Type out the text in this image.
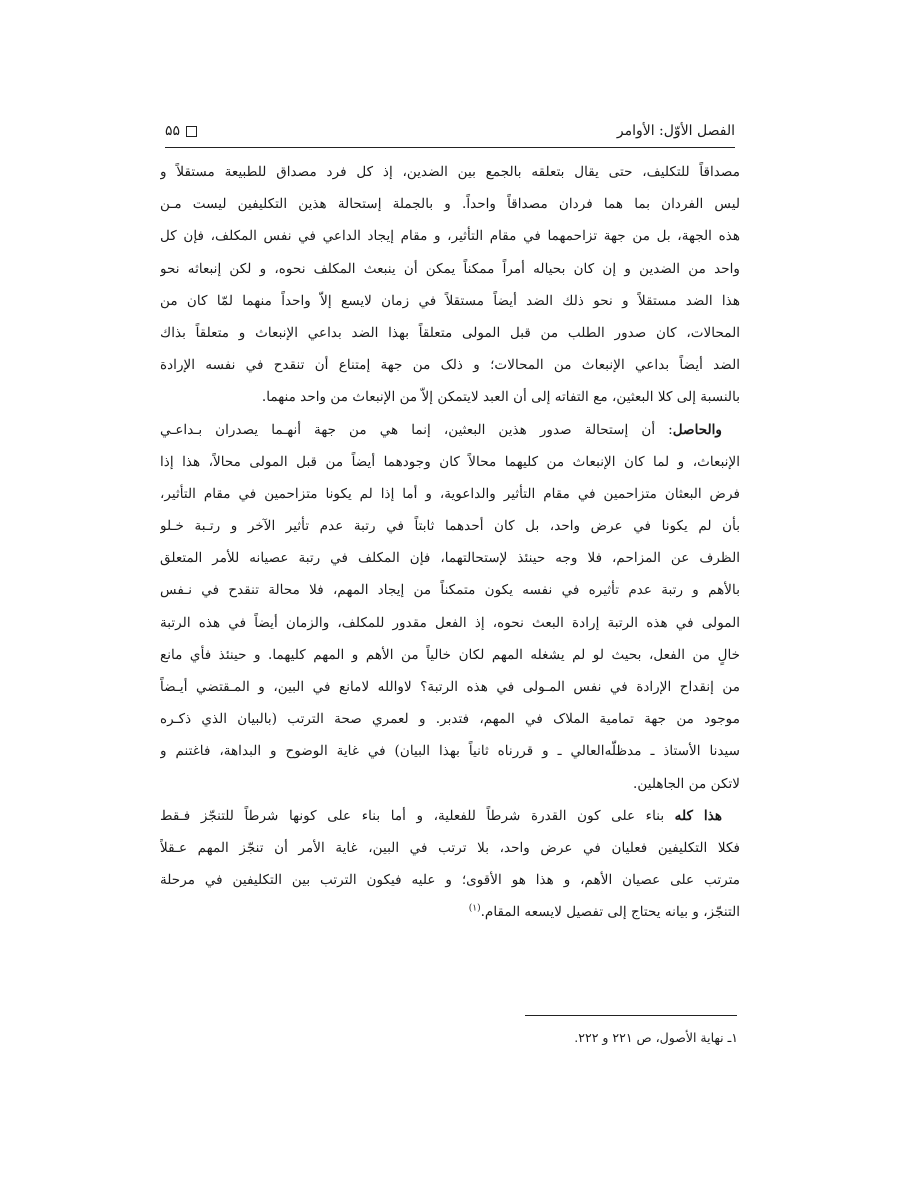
الفصل الأوّل: الأوامر
۵۵
مصداقاً للتكليف، حتى يقال بتعلقه بالجمع بين الضدين، إذ كل فرد مصداق للطبيعة مستقلاً و
ليس الفردان بما هما فردان مصداقاً واحداً. و بالجملة إستحالة هذين التكليفين ليست مـن
هذه الجهة، بل من جهة تزاحمهما في مقام التأثير، و مقام إيجاد الداعي في نفس المكلف، فإن كل
واحد من الضدين و إن كان بحياله أمراً ممكناً يمكن أن ينبعث المكلف نحوه، و لكن إنبعاثه نحو
هذا الضد مستقلاً و نحو ذلك الضد أيضاً مستقلاً في زمان لايسع إلاّ واحداً منهما لمّا كان من
المحالات، كان صدور الطلب من قبل المولى متعلقاً بهذا الضد بداعي الإنبعاث و متعلقاً بذاك
الضد أيضاً بداعي الإنبعاث من المحالات؛ و ذلک من جهة إمتناع أن تنقدح في نفسه الإرادة
بالنسبة إلى كلا البعثين، مع التفاته إلى أن العبد لايتمكن إلاّ من الإنبعاث من واحد منهما.
والحاصل: أن إستحالة صدور هذين البعثين، إنما هي من جهة أنهـما يصدران بـداعـي
الإنبعاث، و لما كان الإنبعاث من كليهما محالاً كان وجودهما أيضاً من قبل المولى محالاً، هذا إذا
فرض البعثان متزاحمين في مقام التأثير والداعوية، و أما إذا لم يكونا متزاحمين في مقام التأثير،
بأن لم يكونا في عرض واحد، بل كان أحدهما ثابتاً في رتبة عدم تأثير الآخر و رتـبة خـلو
الظرف عن المزاحم، فلا وجه حينئذ لإستحالتهما، فإن المكلف في رتبة عصيانه للأمر المتعلق
بالأهم و رتبة عدم تأثيره في نفسه يكون متمكناً من إيجاد المهم، فلا محالة تنقدح في نـفس
المولى في هذه الرتبة إرادة البعث نحوه، إذ الفعل مقدور للمكلف، والزمان أيضاً في هذه الرتبة
خالٍ من الفعل، بحيث لو لم يشغله المهم لكان خالياً من الأهم و المهم كليهما. و حينئذ فأي مانع
من إنقداح الإرادة في نفس المـولى في هذه الرتبة؟ لاوالله لامانع في البين، و المـقتضي أيـضاً
موجود من جهة تمامية الملاک في المهم، فتدبر. و لعمري صحة الترتب (بالبيان الذي ذكـره
سيدنا الأستاذ ـ مدظلّه‌العالي ـ و قررناه ثانياً بهذا البيان) في غاية الوضوح و البداهة، فاغتنم و
لاتكن من الجاهلين.
هذا كله بناء على كون القدرة شرطاً للفعلية، و أما بناء على كونها شرطاً للتنجّز فـقط
فكلا التكليفين فعليان في عرض واحد، بلا ترتب في البين، غاية الأمر أن تنجّز المهم عـقلاً
مترتب على عصيان الأهم، و هذا هو الأقوى؛ و عليه فيكون الترتب بين التكليفين في مرحلة
التنجّز، و بيانه يحتاج إلى تفصيل لايسعه المقام.$^{(۱)}$
۱ـ نهاية الأصول، ص ۲۲۱ و ۲۲۲.
